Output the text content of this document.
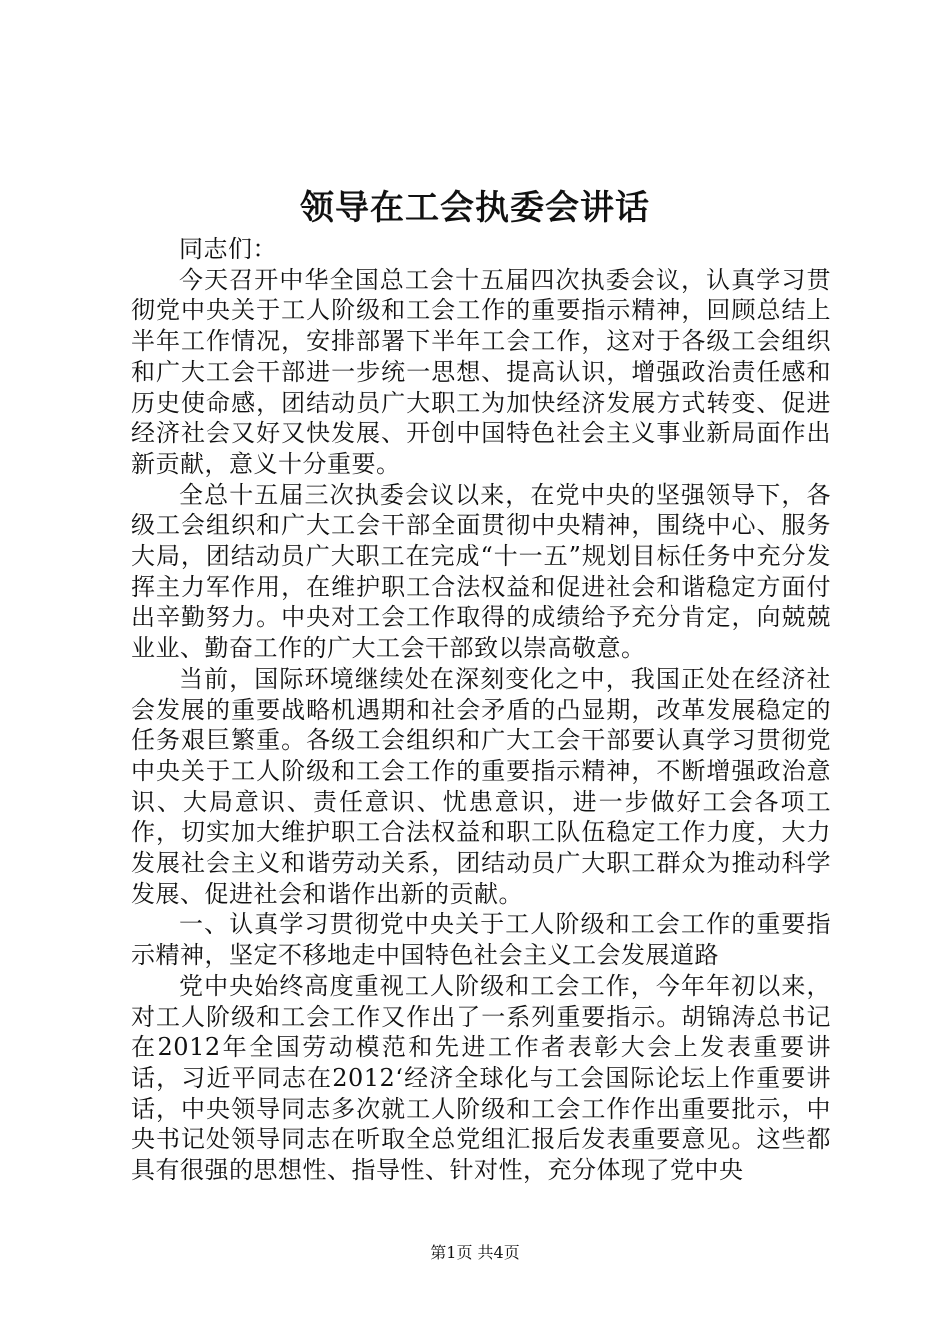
领导在工会执委会讲话

同志们：

今天召开中华全国总工会十五届四次执委会议，认真学习贯彻党中央关于工人阶级和工会工作的重要指示精神，回顾总结上半年工作情况，安排部署下半年工会工作，这对于各级工会组织和广大工会干部进一步统一思想、提高认识，增强政治责任感和历史使命感，团结动员广大职工为加快经济发展方式转变、促进经济社会又好又快发展、开创中国特色社会主义事业新局面作出新贡献，意义十分重要。

全总十五届三次执委会议以来，在党中央的坚强领导下，各级工会组织和广大工会干部全面贯彻中央精神，围绕中心、服务大局，团结动员广大职工在完成“十一五”规划目标任务中充分发挥主力军作用，在维护职工合法权益和促进社会和谐稳定方面付出辛勤努力。中央对工会工作取得的成绩给予充分肯定，向兢兢业业、勤奋工作的广大工会干部致以崇高敬意。

当前，国际环境继续处在深刻变化之中，我国正处在经济社会发展的重要战略机遇期和社会矛盾的凸显期，改革发展稳定的任务艰巨繁重。各级工会组织和广大工会干部要认真学习贯彻党中央关于工人阶级和工会工作的重要指示精神，不断增强政治意识、大局意识、责任意识、忧患意识，进一步做好工会各项工作，切实加大维护职工合法权益和职工队伍稳定工作力度，大力发展社会主义和谐劳动关系，团结动员广大职工群众为推动科学发展、促进社会和谐作出新的贡献。

一、认真学习贯彻党中央关于工人阶级和工会工作的重要指示精神，坚定不移地走中国特色社会主义工会发展道路

党中央始终高度重视工人阶级和工会工作，今年年初以来，对工人阶级和工会工作又作出了一系列重要指示。胡锦涛总书记在2012年全国劳动模范和先进工作者表彰大会上发表重要讲话，习近平同志在2012‘经济全球化与工会国际论坛上作重要讲话，中央领导同志多次就工人阶级和工会工作作出重要批示，中央书记处领导同志在听取全总党组汇报后发表重要意见。这些都具有很强的思想性、指导性、针对性，充分体现了党中央

第1页 共4页
